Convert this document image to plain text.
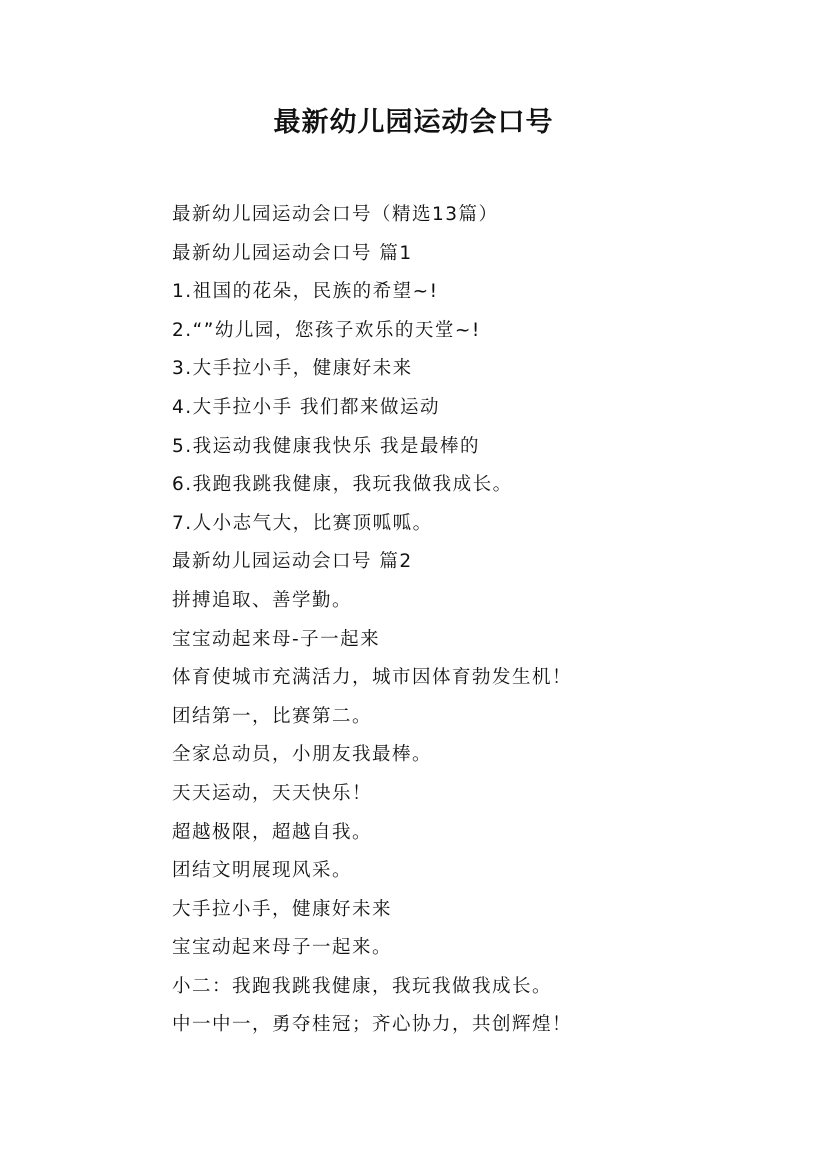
最新幼儿园运动会口号
最新幼儿园运动会口号（精选13篇）
最新幼儿园运动会口号 篇1
1.祖国的花朵，民族的希望~!
2.“”幼儿园，您孩子欢乐的天堂~!
3.大手拉小手，健康好未来
4.大手拉小手 我们都来做运动
5.我运动我健康我快乐 我是最棒的
6.我跑我跳我健康，我玩我做我成长。
7.人小志气大，比赛顶呱呱。
最新幼儿园运动会口号 篇2
拼搏追取、善学勤。
宝宝动起来母-子一起来
体育使城市充满活力，城市因体育勃发生机！
团结第一，比赛第二。
全家总动员，小朋友我最棒。
天天运动，天天快乐！
超越极限，超越自我。
团结文明展现风采。
大手拉小手，健康好未来
宝宝动起来母子一起来。
小二：我跑我跳我健康，我玩我做我成长。
中一中一，勇夺桂冠；齐心协力，共创辉煌！
